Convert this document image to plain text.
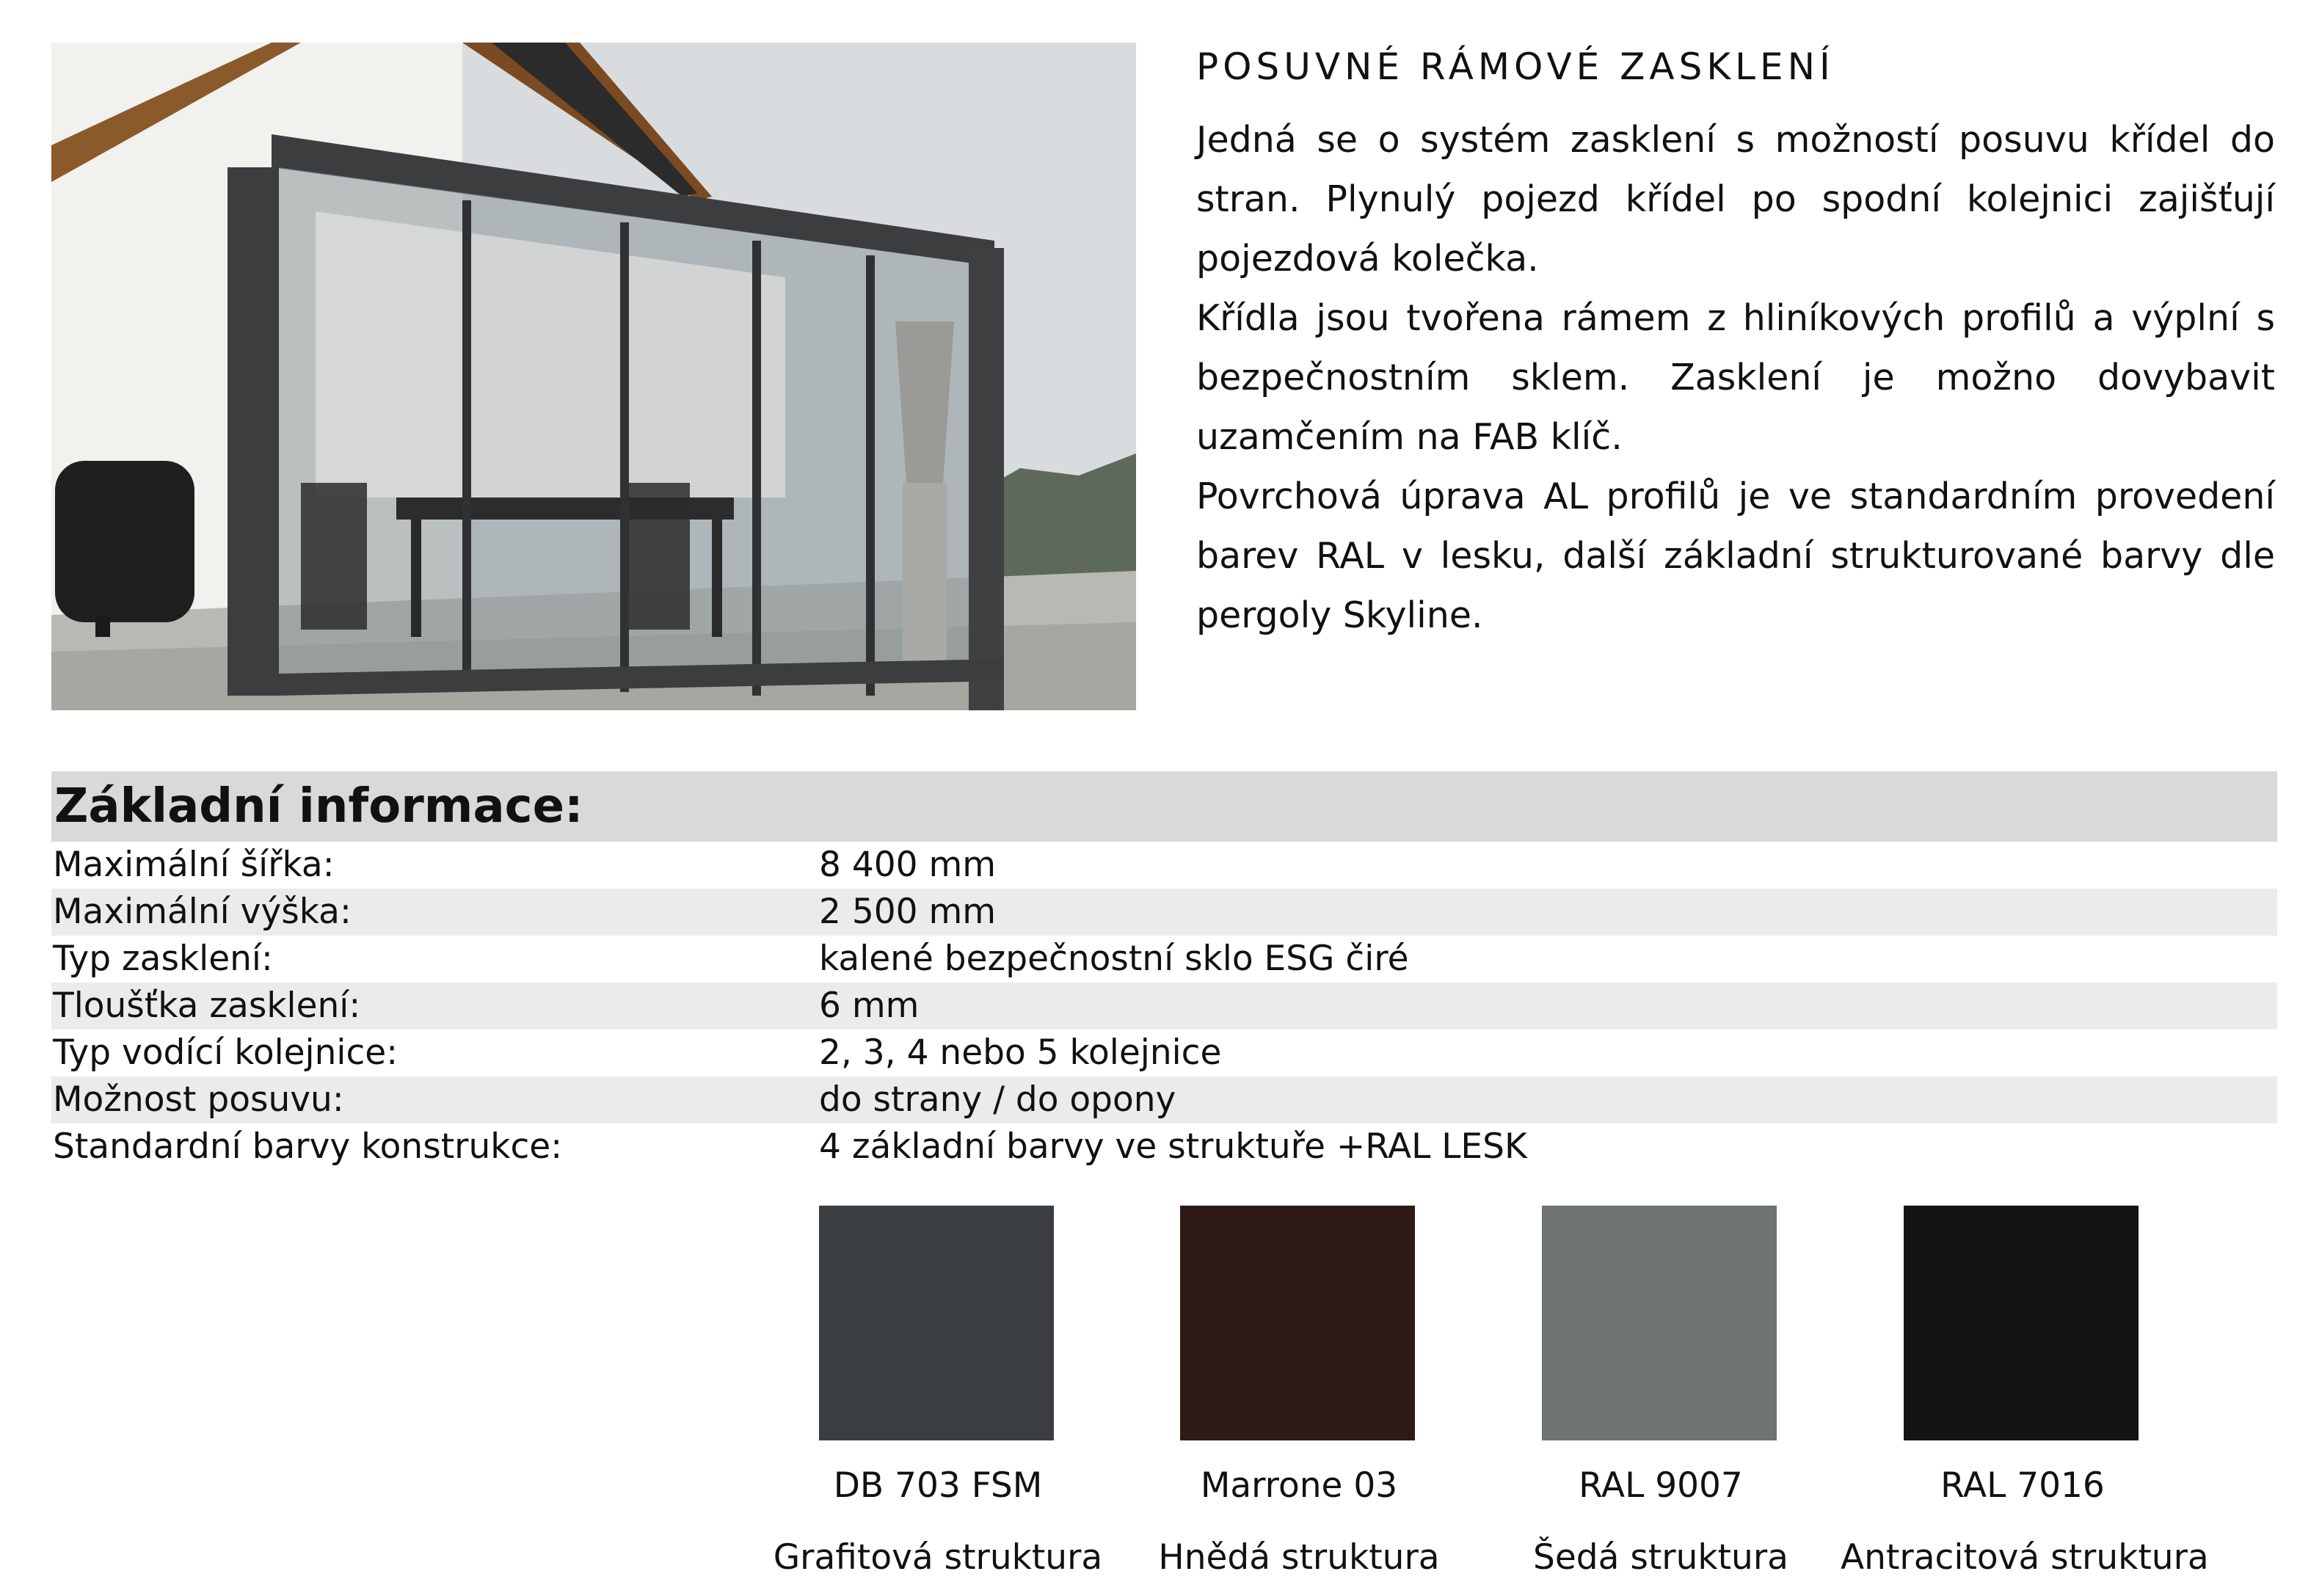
POSUVNÉ RÁMOVÉ ZASKLENÍ

Jedná se o systém zasklení s možností posuvu křídel do stran. Plynulý pojezd křídel po spodní kolejnici zajišťují pojezdová kolečka.

Křídla jsou tvořena rámem z hliníkových profilů a výplní s bezpečnostním sklem. Zasklení je možno dovybavit uzamčením na FAB klíč.

Povrchová úprava AL profilů je ve standardním provedení barev RAL v lesku, další základní strukturované barvy dle pergoly Skyline.

Základní informace:
Maximální šířka:	8 400 mm
Maximální výška:	2 500 mm
Typ zasklení:	kalené bezpečnostní sklo ESG čiré
Tloušťka zasklení:	6 mm
Typ vodící kolejnice:	2, 3, 4 nebo 5 kolejnice
Možnost posuvu:	do strany / do opony
Standardní barvy konstrukce:	4 základní barvy ve struktuře +RAL LESK
DB 703 FSM
Grafitová struktura
Marrone 03
Hnědá struktura
RAL 9007
Šedá struktura
RAL 7016
Antracitová struktura
